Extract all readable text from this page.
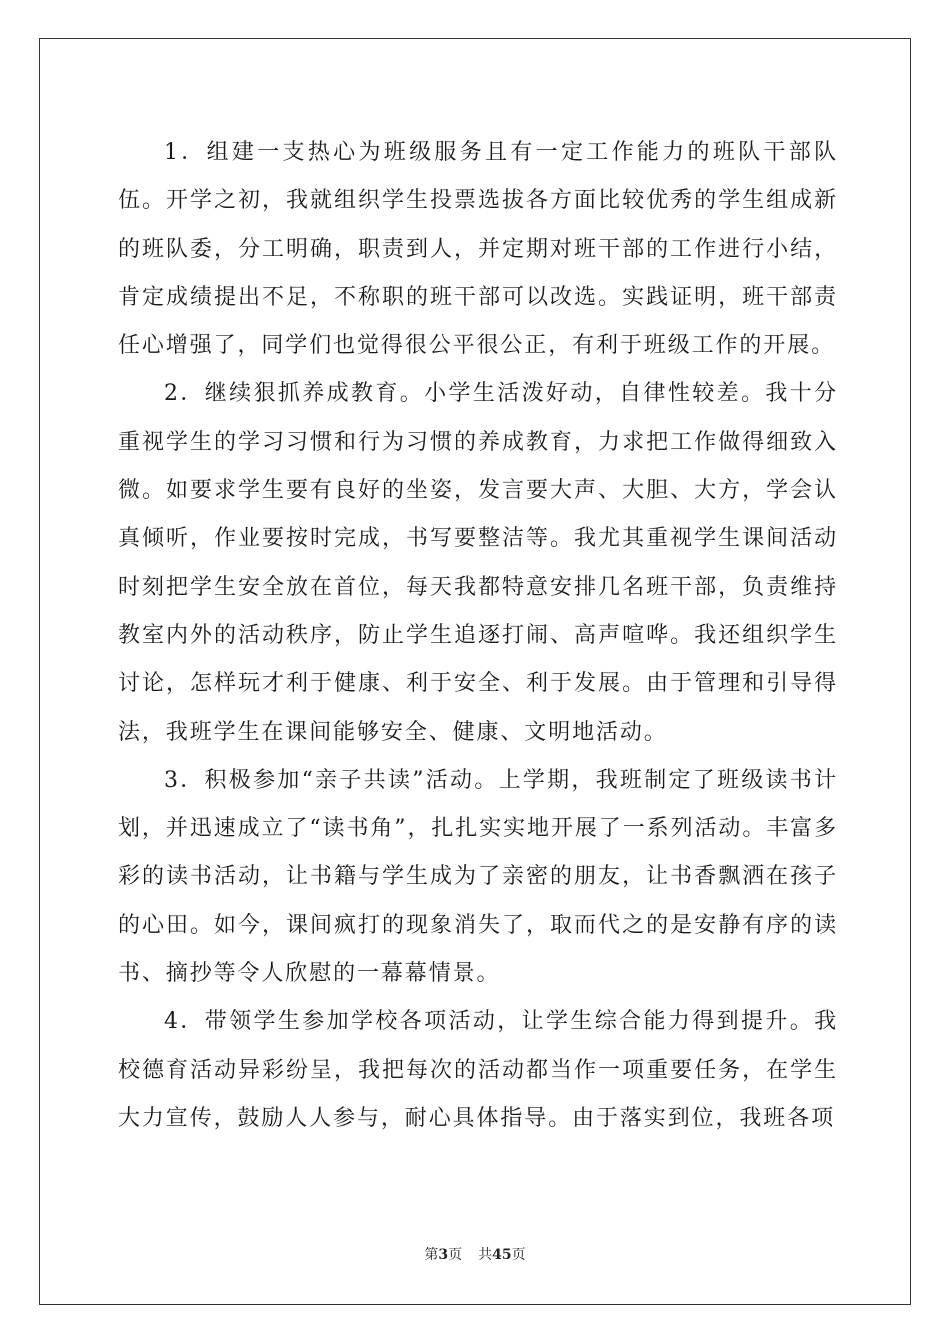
1．组建一支热心为班级服务且有一定工作能力的班队干部队伍。开学之初，我就组织学生投票选拔各方面比较优秀的学生组成新的班队委，分工明确，职责到人，并定期对班干部的工作进行小结，肯定成绩提出不足，不称职的班干部可以改选。实践证明，班干部责任心增强了，同学们也觉得很公平很公正，有利于班级工作的开展。

2．继续狠抓养成教育。小学生活泼好动，自律性较差。我十分重视学生的学习习惯和行为习惯的养成教育，力求把工作做得细致入微。如要求学生要有良好的坐姿，发言要大声、大胆、大方，学会认真倾听，作业要按时完成，书写要整洁等。我尤其重视学生课间活动时刻把学生安全放在首位，每天我都特意安排几名班干部，负责维持教室内外的活动秩序，防止学生追逐打闹、高声喧哗。我还组织学生讨论，怎样玩才利于健康、利于安全、利于发展。由于管理和引导得法，我班学生在课间能够安全、健康、文明地活动。

3．积极参加“亲子共读”活动。上学期，我班制定了班级读书计划，并迅速成立了“读书角”，扎扎实实地开展了一系列活动。丰富多彩的读书活动，让书籍与学生成为了亲密的朋友，让书香飘洒在孩子的心田。如今，课间疯打的现象消失了，取而代之的是安静有序的读书、摘抄等令人欣慰的一幕幕情景。

4．带领学生参加学校各项活动，让学生综合能力得到提升。我校德育活动异彩纷呈，我把每次的活动都当作一项重要任务，在学生大力宣传，鼓励人人参与，耐心具体指导。由于落实到位，我班各项

第3页 共45页
